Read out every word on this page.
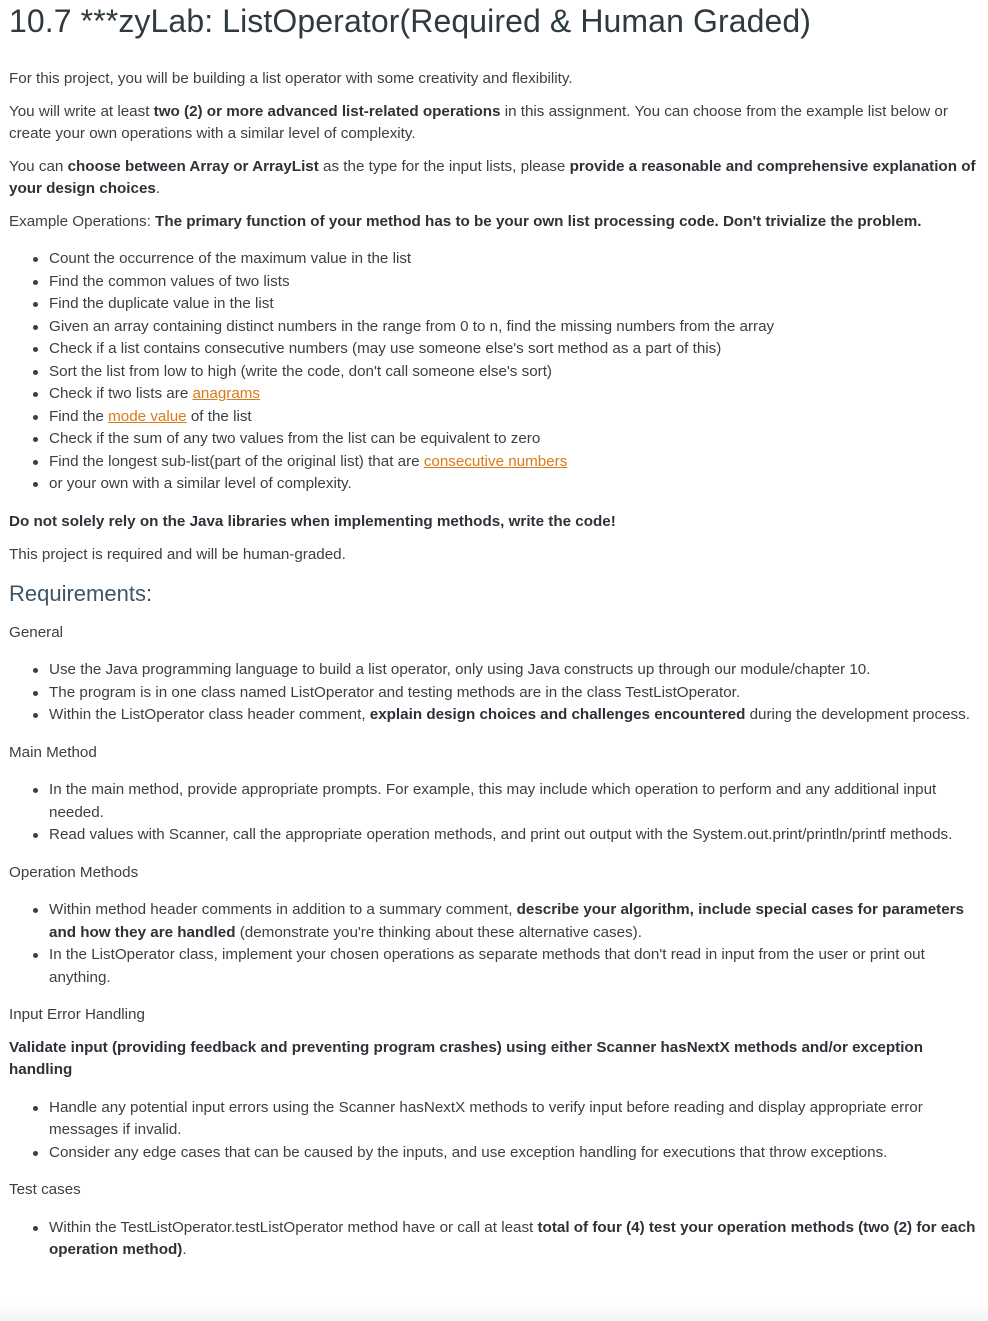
10.7 ***zyLab: ListOperator(Required & Human Graded)

For this project, you will be building a list operator with some creativity and flexibility.

You will write at least two (2) or more advanced list-related operations in this assignment. You can choose from the example list below or create your own operations with a similar level of complexity.

You can choose between Array or ArrayList as the type for the input lists, please provide a reasonable and comprehensive explanation of your design choices.

Example Operations: The primary function of your method has to be your own list processing code. Don't trivialize the problem.

Count the occurrence of the maximum value in the list
Find the common values of two lists
Find the duplicate value in the list
Given an array containing distinct numbers in the range from 0 to n, find the missing numbers from the array
Check if a list contains consecutive numbers (may use someone else's sort method as a part of this)
Sort the list from low to high (write the code, don't call someone else's sort)
Check if two lists are anagrams
Find the mode value of the list
Check if the sum of any two values from the list can be equivalent to zero
Find the longest sub-list(part of the original list) that are consecutive numbers
or your own with a similar level of complexity.

Do not solely rely on the Java libraries when implementing methods, write the code!

This project is required and will be human-graded.

Requirements:

General

Use the Java programming language to build a list operator, only using Java constructs up through our module/chapter 10.
The program is in one class named ListOperator and testing methods are in the class TestListOperator.
Within the ListOperator class header comment, explain design choices and challenges encountered during the development process.

Main Method

In the main method, provide appropriate prompts. For example, this may include which operation to perform and any additional input needed.
Read values with Scanner, call the appropriate operation methods, and print out output with the System.out.print/println/printf methods.

Operation Methods

Within method header comments in addition to a summary comment, describe your algorithm, include special cases for parameters and how they are handled (demonstrate you're thinking about these alternative cases).
In the ListOperator class, implement your chosen operations as separate methods that don't read in input from the user or print out anything.

Input Error Handling

Validate input (providing feedback and preventing program crashes) using either Scanner hasNextX methods and/or exception handling

Handle any potential input errors using the Scanner hasNextX methods to verify input before reading and display appropriate error messages if invalid.
Consider any edge cases that can be caused by the inputs, and use exception handling for executions that throw exceptions.

Test cases

Within the TestListOperator.testListOperator method have or call at least total of four (4) test your operation methods (two (2) for each operation method).
